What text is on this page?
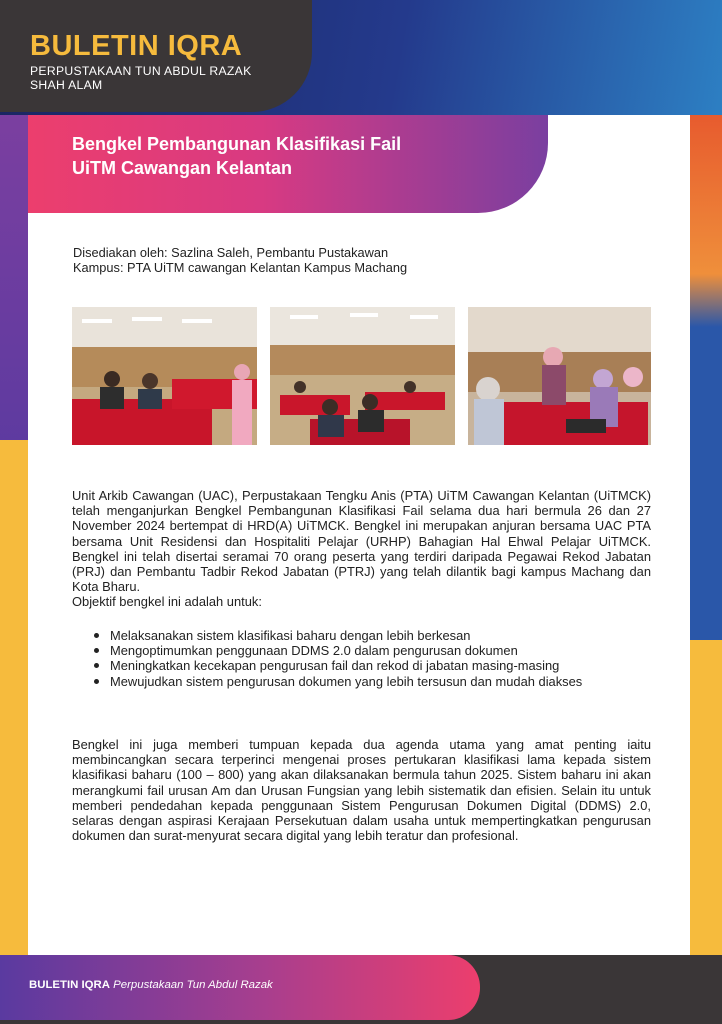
BULETIN IQRA
PERPUSTAKAAN TUN ABDUL RAZAK
SHAH ALAM
Bengkel Pembangunan Klasifikasi Fail
UiTM Cawangan Kelantan
Disediakan oleh: Sazlina Saleh, Pembantu Pustakawan
Kampus: PTA UiTM cawangan Kelantan Kampus Machang
Unit Arkib Cawangan (UAC), Perpustakaan Tengku Anis (PTA) UiTM Cawangan Kelantan (UiTMCK) telah menganjurkan Bengkel Pembangunan Klasifikasi Fail selama dua hari bermula 26 dan 27 November 2024 bertempat di HRD(A) UiTMCK. Bengkel ini merupakan anjuran bersama UAC PTA bersama Unit Residensi dan Hospitaliti Pelajar (URHP) Bahagian Hal Ehwal Pelajar UiTMCK. Bengkel ini telah disertai seramai 70 orang peserta yang terdiri daripada Pegawai Rekod Jabatan (PRJ) dan Pembantu Tadbir Rekod Jabatan (PTRJ) yang telah dilantik bagi kampus Machang dan Kota Bharu.
Objektif bengkel ini adalah untuk:
Melaksanakan sistem klasifikasi baharu dengan lebih berkesan
Mengoptimumkan penggunaan DDMS 2.0 dalam pengurusan dokumen
Meningkatkan kecekapan pengurusan fail dan rekod di jabatan masing-masing
Mewujudkan sistem pengurusan dokumen yang lebih tersusun dan mudah diakses
Bengkel ini juga memberi tumpuan kepada dua agenda utama yang amat penting iaitu membincangkan secara terperinci mengenai proses pertukaran klasifikasi lama kepada sistem klasifikasi baharu (100 – 800) yang akan dilaksanakan bermula tahun 2025. Sistem baharu ini akan merangkumi fail urusan Am dan Urusan Fungsian yang lebih sistematik dan efisien. Selain itu untuk memberi pendedahan kepada penggunaan Sistem Pengurusan Dokumen Digital (DDMS) 2.0, selaras dengan aspirasi Kerajaan Persekutuan dalam usaha untuk mempertingkatkan pengurusan dokumen dan surat-menyurat secara digital yang lebih teratur dan profesional.
BULETIN IQRA Perpustakaan Tun Abdul Razak
